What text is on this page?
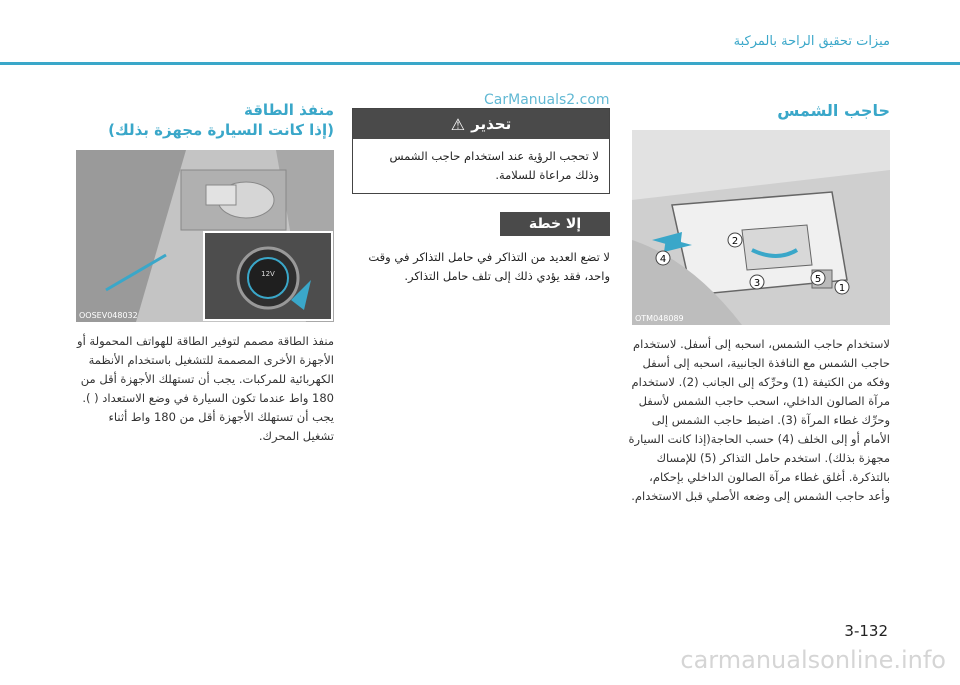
ميزات تحقيق الراحة بالمركبة
CarManuals2.com
حاجب الشمس
2
1
3
4
5
OTM048089
لاستخدام حاجب الشمس، اسحبه إلى أسفل. لاستخدام حاجب الشمس مع النافذة الجانبية، اسحبه إلى أسفل وفكه من الكتيفة (1) وحرِّكه إلى الجانب (2). لاستخدام مرآة الصالون الداخلي، اسحب حاجب الشمس لأسفل وحرِّك غطاء المرآة (3). اضبط حاجب الشمس إلى الأمام أو إلى الخلف (4) حسب الحاجة(إذا كانت السيارة مجهزة بذلك). استخدم حامل التذاكر (5) للإمساك بالتذكرة. أغلق غطاء مرآة الصالون الداخلي بإحكام، وأعد حاجب الشمس إلى وضعه الأصلي قبل الاستخدام.
تحذير
⚠
لا تحجب الرؤية عند استخدام حاجب الشمس وذلك مراعاة للسلامة.
إلا خطة
لا تضع العديد من التذاكر في حامل التذاكر في وقت واحد، فقد يؤدي ذلك إلى تلف حامل التذاكر.
منفذ الطاقة
(إذا كانت السيارة مجهزة بذلك)
12V
OOSEV048032
منفذ الطاقة مصمم لتوفير الطاقة للهواتف المحمولة أو الأجهزة الأخرى المصممة للتشغيل باستخدام الأنظمة الكهربائية للمركبات. يجب أن تستهلك الأجهزة أقل من 180 واط عندما تكون السيارة في وضع الاستعداد ( ). يجب أن تستهلك الأجهزة أقل من 180 واط أثناء تشغيل المحرك.
3-132
carmanualsonline.info
